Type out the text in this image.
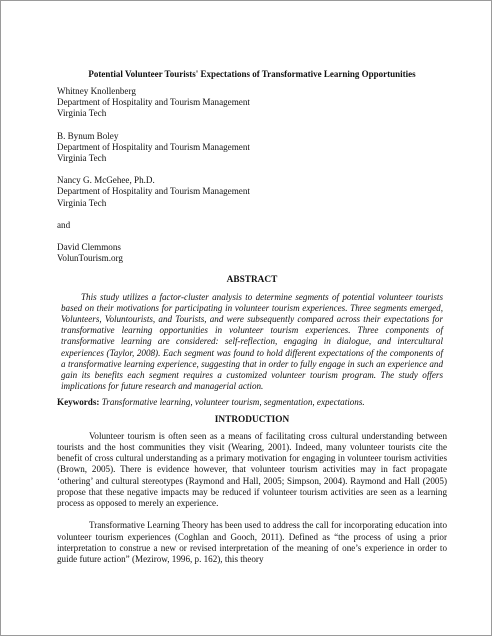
Potential Volunteer Tourists' Expectations of Transformative Learning Opportunities
Whitney Knollenberg
Department of Hospitality and Tourism Management
Virginia Tech
B. Bynum Boley
Department of Hospitality and Tourism Management
Virginia Tech
Nancy G. McGehee, Ph.D.
Department of Hospitality and Tourism Management
Virginia Tech
and
David Clemmons
VolunTourism.org
ABSTRACT

This study utilizes a factor-cluster analysis to determine segments of potential volunteer tourists based on their motivations for participating in volunteer tourism experiences. Three segments emerged, Volunteers, Voluntourists, and Tourists, and were subsequently compared across their expectations for transformative learning opportunities in volunteer tourism experiences. Three components of transformative learning are considered: self-reflection, engaging in dialogue, and intercultural experiences (Taylor, 2008). Each segment was found to hold different expectations of the components of a transformative learning experience, suggesting that in order to fully engage in such an experience and gain its benefits each segment requires a customized volunteer tourism program. The study offers implications for future research and managerial action.

Keywords: Transformative learning, volunteer tourism, segmentation, expectations.
INTRODUCTION

Volunteer tourism is often seen as a means of facilitating cross cultural understanding between tourists and the host communities they visit (Wearing, 2001). Indeed, many volunteer tourists cite the benefit of cross cultural understanding as a primary motivation for engaging in volunteer tourism activities (Brown, 2005). There is evidence however, that volunteer tourism activities may in fact propagate ‘othering’ and cultural stereotypes (Raymond and Hall, 2005; Simpson, 2004). Raymond and Hall (2005) propose that these negative impacts may be reduced if volunteer tourism activities are seen as a learning process as opposed to merely an experience.

Transformative Learning Theory has been used to address the call for incorporating education into volunteer tourism experiences (Coghlan and Gooch, 2011). Defined as “the process of using a prior interpretation to construe a new or revised interpretation of the meaning of one’s experience in order to guide future action” (Mezirow, 1996, p. 162), this theory
